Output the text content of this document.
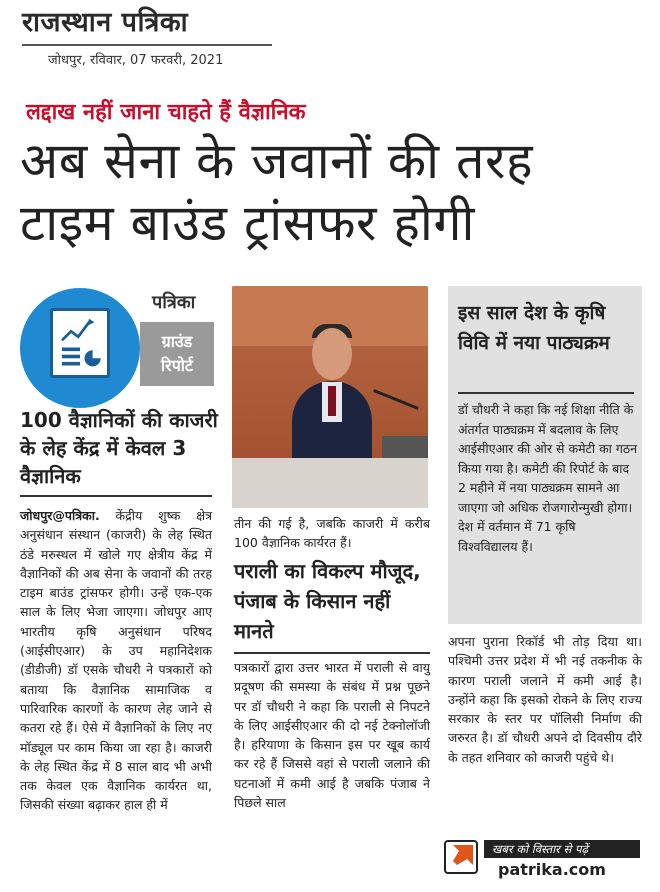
राजस्थान पत्रिका
जोधपुर, रविवार, 07 फरवरी, 2021
लद्दाख नहीं जाना चाहते हैं वैज्ञानिक
अब सेना के जवानों की तरह
टाइम बाउंड ट्रांसफर होगी
पत्रिका
ग्राउंड
रिपोर्ट
100 वैज्ञानिकों की काजरी के लेह केंद्र में केवल 3 वैज्ञानिक

जोधपुर@पत्रिका. केंद्रीय शुष्क क्षेत्र अनुसंधान संस्थान (काजरी) के लेह स्थित ठंडे मरुस्थल में खोले गए क्षेत्रीय केंद्र में वैज्ञानिकों की अब सेना के जवानों की तरह टाइम बाउंड ट्रांसफर होगी। उन्हें एक-एक साल के लिए भेजा जाएगा। जोधपुर आए भारतीय कृषि अनुसंधान परिषद (आईसीएआर) के उप महानिदेशक (डीडीजी) डॉ एसके चौधरी ने पत्रकारों को बताया कि वैज्ञानिक सामाजिक व पारिवारिक कारणों के कारण लेह जाने से कतरा रहे हैं। ऐसे में वैज्ञानिकों के लिए नए मॉड्यूल पर काम किया जा रहा है। काजरी के लेह स्थित केंद्र में 8 साल बाद भी अभी तक केवल एक वैज्ञानिक कार्यरत था, जिसकी संख्या बढ़ाकर हाल ही में

तीन की गई है, जबकि काजरी में करीब 100 वैज्ञानिक कार्यरत हैं।

पराली का विकल्प मौजूद, पंजाब के किसान नहीं मानते

पत्रकारों द्वारा उत्तर भारत में पराली से वायु प्रदूषण की समस्या के संबंध में प्रश्न पूछने पर डॉ चौधरी ने कहा कि पराली से निपटने के लिए आईसीएआर की दो नई टेक्नोलॉजी है। हरियाणा के किसान इस पर खूब कार्य कर रहे हैं जिससे वहां से पराली जलाने की घटनाओं में कमी आई है जबकि पंजाब ने पिछले साल

इस साल देश के कृषि विवि में नया पाठ्यक्रम

डॉ चौधरी ने कहा कि नई शिक्षा नीति के अंतर्गत पाठ्यक्रम में बदलाव के लिए आईसीएआर की ओर से कमेटी का गठन किया गया है। कमेटी की रिपोर्ट के बाद 2 महीने में नया पाठ्यक्रम सामने आ जाएगा जो अधिक रोजगारोन्मुखी होगा। देश में वर्तमान में 71 कृषि विश्वविद्यालय हैं।

अपना पुराना रिकॉर्ड भी तोड़ दिया था। पश्चिमी उत्तर प्रदेश में भी नई तकनीक के कारण पराली जलाने में कमी आई है। उन्होंने कहा कि इसको रोकने के लिए राज्य सरकार के स्तर पर पॉलिसी निर्माण की जरुरत है। डॉ चौधरी अपने दो दिवसीय दौरे के तहत शनिवार को काजरी पहुंचे थे।

खबर को विस्तार से पढ़ें
patrika.com
